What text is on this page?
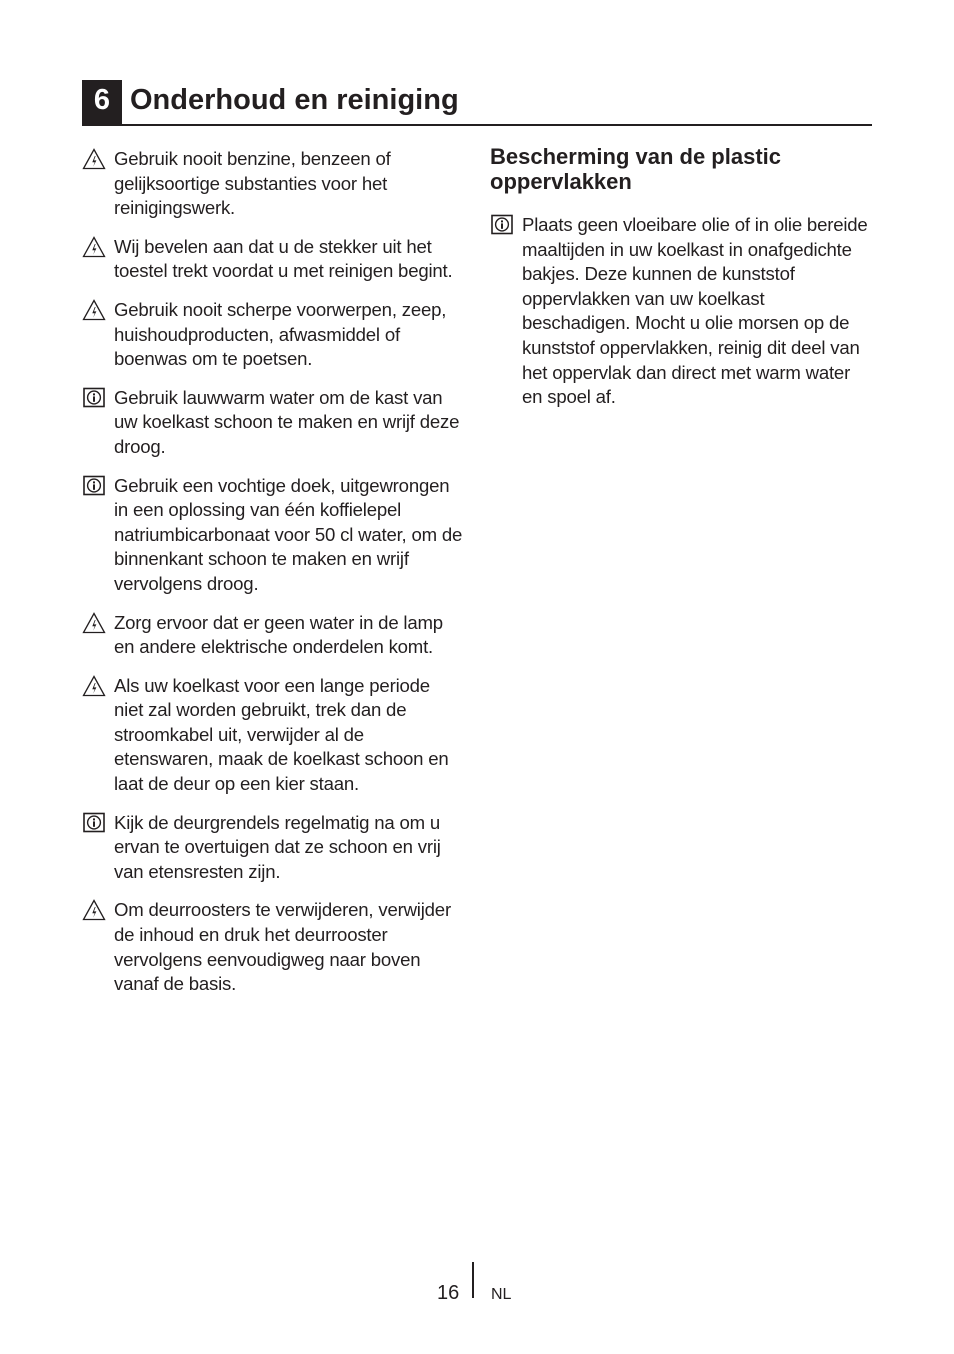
6 Onderhoud en reiniging
Gebruik nooit benzine, benzeen of gelijksoortige substanties voor het reinigingswerk.
Wij bevelen aan dat u de stekker uit het toestel trekt voordat u met reinigen begint.
Gebruik nooit scherpe voorwerpen, zeep, huishoudproducten, afwasmiddel of boenwas om te poetsen.
Gebruik lauwwarm water om de kast van uw koelkast schoon te maken en wrijf deze droog.
Gebruik een vochtige doek, uitgewrongen in een oplossing van één koffielepel natriumbicarbonaat voor 50 cl water, om de binnenkant schoon te maken en wrijf vervolgens droog.
Zorg ervoor dat er geen water in de lamp en andere elektrische onderdelen komt.
Als uw koelkast voor een lange periode niet zal worden gebruikt, trek dan de stroomkabel uit, verwijder al de etenswaren, maak de koelkast schoon en laat de deur op een kier staan.
Kijk de deurgrendels regelmatig na om u ervan te overtuigen dat ze schoon en vrij van etensresten zijn.
Om deurroosters te verwijderen, verwijder de inhoud en druk het deurrooster vervolgens eenvoudigweg naar boven vanaf de basis.
Bescherming van de plastic oppervlakken
Plaats geen vloeibare olie of in olie bereide maaltijden in uw koelkast in onafgedichte bakjes. Deze kunnen de kunststof oppervlakken van uw koelkast beschadigen. Mocht u olie morsen op de kunststof oppervlakken, reinig dit deel van het oppervlak dan direct met warm water en spoel af.
16 NL
